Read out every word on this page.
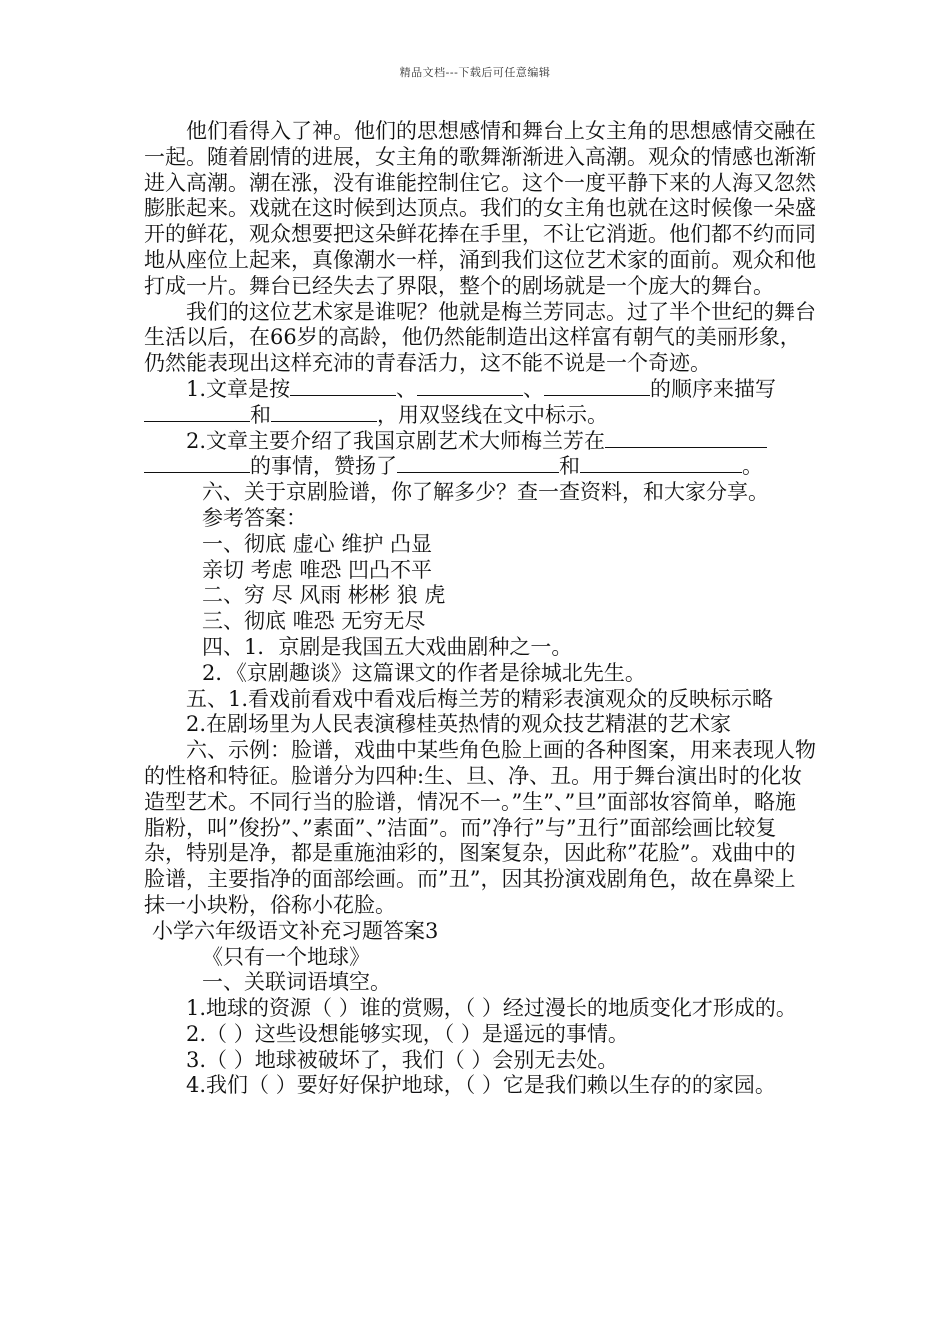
精品文档---下载后可任意编辑

他们看得入了神。他们的思想感情和舞台上女主角的思想感情交融在一起。随着剧情的进展，女主角的歌舞渐渐进入高潮。观众的情感也渐渐进入高潮。潮在涨，没有谁能控制住它。这个一度平静下来的人海又忽然膨胀起来。戏就在这时候到达顶点。我们的女主角也就在这时候像一朵盛开的鲜花，观众想要把这朵鲜花捧在手里，不让它消逝。他们都不约而同地从座位上起来，真像潮水一样，涌到我们这位艺术家的面前。观众和他打成一片。舞台已经失去了界限，整个的剧场就是一个庞大的舞台。

我们的这位艺术家是谁呢？他就是梅兰芳同志。过了半个世纪的舞台生活以后，在66岁的高龄，他仍然能制造出这样富有朝气的美丽形象，仍然能表现出这样充沛的青春活力，这不能不说是一个奇迹。

1.文章是按	、	、	的顺序来描写和	，用双竖线在文中标示。

2.文章主要介绍了我国京剧艺术大师梅兰芳在的事情，赞扬了	和	。

六、关于京剧脸谱，你了解多少？查一查资料，和大家分享。

参考答案：

一、彻底 虚心 维护 凸显

亲切 考虑 唯恐 凹凸不平

二、穷 尽 风雨 彬彬 狼 虎

三、彻底 唯恐 无穷无尽

四、1．京剧是我国五大戏曲剧种之一。

2．《京剧趣谈》这篇课文的作者是徐城北先生。

五、1.看戏前看戏中看戏后梅兰芳的精彩表演观众的反映标示略

2.在剧场里为人民表演穆桂英热情的观众技艺精湛的艺术家

六、示例：脸谱，戏曲中某些角色脸上画的各种图案，用来表现人物的性格和特征。脸谱分为四种:生、旦、净、丑。用于舞台演出时的化妆造型艺术。不同行当的脸谱，情况不一。”生”、”旦”面部妆容简单，略施脂粉，叫”俊扮”、”素面”、”洁面”。而”净行”与”丑行”面部绘画比较复杂，特别是净，都是重施油彩的，图案复杂，因此称”花脸”。戏曲中的脸谱，主要指净的面部绘画。而”丑”，因其扮演戏剧角色，故在鼻梁上抹一小块粉，俗称小花脸。

小学六年级语文补充习题答案3

《只有一个地球》

一、关联词语填空。

1.地球的资源（ ）谁的赏赐，（ ）经过漫长的地质变化才形成的。

2.（ ）这些设想能够实现，（ ）是遥远的事情。

3.（ ）地球被破坏了，我们（ ）会别无去处。

4.我们（ ）要好好保护地球，（ ）它是我们赖以生存的的家园。
